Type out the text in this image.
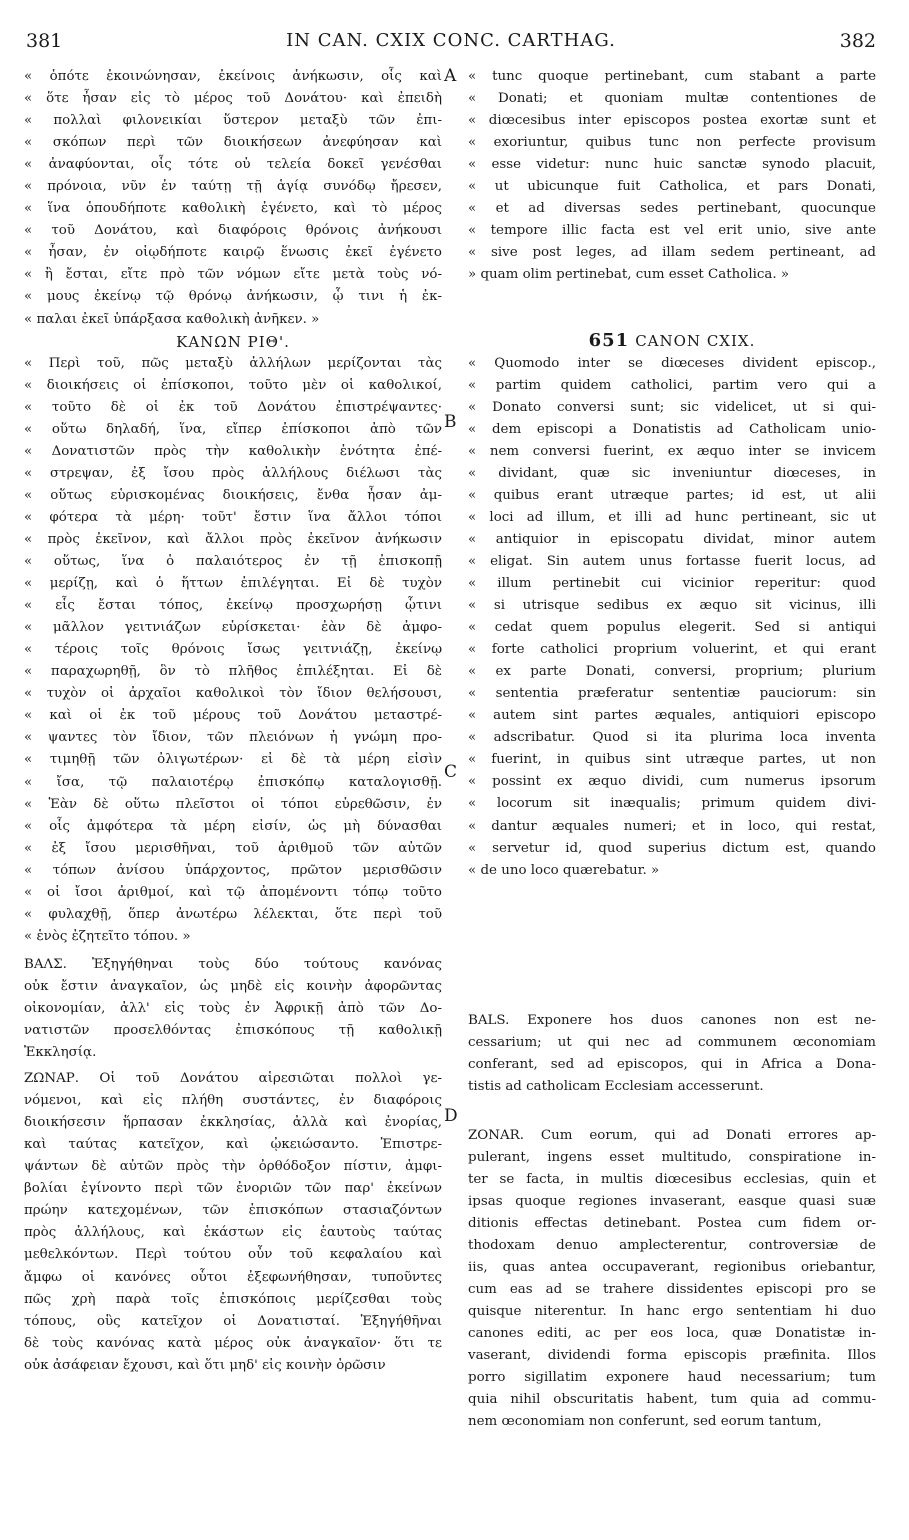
381	IN CAN. CXIX CONC. CARTHAG.	382
A
B
C
D
« ὁπότε ἐκοινώνησαν, ἐκείνοις ἀνήκωσιν, οἷς καὶ
« ὅτε ἦσαν εἰς τὸ μέρος τοῦ Δονάτου· καὶ ἐπειδὴ
« πολλαὶ φιλονεικίαι ὕστερον μεταξὺ τῶν ἐπι-
« σκόπων περὶ τῶν διοικήσεων ἀνεφύησαν καὶ
« ἀναφύονται, οἷς τότε οὐ τελεία δοκεῖ γενέσθαι
« πρόνοια, νῦν ἐν ταύτῃ τῇ ἁγίᾳ συνόδῳ ἤρεσεν,
« ἵνα ὁπουδήποτε καθολικὴ ἐγένετο, καὶ τὸ μέρος
« τοῦ Δονάτου, καὶ διαφόροις θρόνοις ἀνήκουσι
« ἦσαν, ἐν οἱῳδήποτε καιρῷ ἕνωσις ἐκεῖ ἐγένετο
« ἢ ἔσται, εἴτε πρὸ τῶν νόμων εἴτε μετὰ τοὺς νό-
« μους ἐκείνῳ τῷ θρόνῳ ἀνήκωσιν, ᾧ τινι ἡ ἐκ-
« παλαι ἐκεῖ ὑπάρξασα καθολικὴ ἀνῆκεν. »
ΚΑΝΩΝ ΡΙΘ'.
« Περὶ τοῦ, πῶς μεταξὺ ἀλλήλων μερίζονται τὰς
« διοικήσεις οἱ ἐπίσκοποι, τοῦτο μὲν οἱ καθολικοί,
« τοῦτο δὲ οἱ ἐκ τοῦ Δονάτου ἐπιστρέψαντες·
« οὕτω δηλαδή, ἵνα, εἴπερ ἐπίσκοποι ἀπὸ τῶν
« Δονατιστῶν πρὸς τὴν καθολικὴν ἑνότητα ἐπέ-
« στρεψαν, ἐξ ἴσου πρὸς ἀλλήλους διέλωσι τὰς
« οὕτως εὑρισκομένας διοικήσεις, ἔνθα ἦσαν ἀμ-
« φότερα τὰ μέρη· τοῦτ' ἔστιν ἵνα ἄλλοι τόποι
« πρὸς ἐκεῖνον, καὶ ἄλλοι πρὸς ἐκεῖνον ἀνήκωσιν
« οὕτως, ἵνα ὁ παλαιότερος ἐν τῇ ἐπισκοπῇ
« μερίζῃ, καὶ ὁ ἥττων ἐπιλέγηται. Εἰ δὲ τυχὸν
« εἷς ἔσται τόπος, ἐκείνῳ προσχωρήσῃ ᾧτινι
« μᾶλλον γειτνιάζων εὑρίσκεται· ἐὰν δὲ ἀμφο-
« τέροις τοῖς θρόνοις ἴσως γειτνιάζῃ, ἐκείνῳ
« παραχωρηθῇ, ὃν τὸ πλῆθος ἐπιλέξηται. Εἰ δὲ
« τυχὸν οἱ ἀρχαῖοι καθολικοὶ τὸν ἴδιον θελήσουσι,
« καὶ οἱ ἐκ τοῦ μέρους τοῦ Δονάτου μεταστρέ-
« ψαντες τὸν ἴδιον, τῶν πλειόνων ἡ γνώμη προ-
« τιμηθῇ τῶν ὀλιγωτέρων· εἰ δὲ τὰ μέρη εἰσὶν
« ἴσα, τῷ παλαιοτέρῳ ἐπισκόπῳ καταλογισθῇ.
« Ἐὰν δὲ οὕτω πλεῖστοι οἱ τόποι εὑρεθῶσιν, ἐν
« οἷς ἀμφότερα τὰ μέρη εἰσίν, ὡς μὴ δύνασθαι
« ἐξ ἴσου μερισθῆναι, τοῦ ἀριθμοῦ τῶν αὐτῶν
« τόπων ἀνίσου ὑπάρχοντος, πρῶτον μερισθῶσιν
« οἱ ἴσοι ἀριθμοί, καὶ τῷ ἀπομένοντι τόπῳ τοῦτο
« φυλαχθῇ, ὅπερ ἀνωτέρω λέλεκται, ὅτε περὶ τοῦ
« ἑνὸς ἐζητεῖτο τόπου. »
ΒΑΛΣ. Ἐξηγήθηναι τοὺς δύο τούτους κανόνας
οὐκ ἔστιν ἀναγκαῖον, ὡς μηδὲ εἰς κοινὴν ἀφορῶντας
οἰκονομίαν, ἀλλ' εἰς τοὺς ἐν Ἀφρικῇ ἀπὸ τῶν Δο-
νατιστῶν προσελθόντας ἐπισκόπους τῇ καθολικῇ
Ἐκκλησίᾳ.
ΖΩΝΑΡ. Οἱ τοῦ Δονάτου αἱρεσιῶται πολλοὶ γε-
νόμενοι, καὶ εἰς πλήθη συστάντες, ἐν διαφόροις
διοικήσεσιν ἥρπασαν ἐκκλησίας, ἀλλὰ καὶ ἐνορίας,
καὶ ταύτας κατεῖχον, καὶ ᾠκειώσαντο. Ἐπιστρε-
ψάντων δὲ αὐτῶν πρὸς τὴν ὀρθόδοξον πίστιν, ἀμφι-
βολίαι ἐγίνοντο περὶ τῶν ἐνοριῶν τῶν παρ' ἐκείνων
πρώην κατεχομένων, τῶν ἐπισκόπων στασιαζόντων
πρὸς ἀλλήλους, καὶ ἑκάστων εἰς ἑαυτοὺς ταύτας
μεθελκόντων. Περὶ τούτου οὖν τοῦ κεφαλαίου καὶ
ἄμφω οἱ κανόνες οὗτοι ἐξεφωνήθησαν, τυποῦντες
πῶς χρὴ παρὰ τοῖς ἐπισκόποις μερίζεσθαι τοὺς
τόπους, οὓς κατεῖχον οἱ Δονατισταί. Ἐξηγήθῆναι
δὲ τοὺς κανόνας κατὰ μέρος οὐκ ἀναγκαῖον· ὅτι τε
οὐκ ἀσάφειαν ἔχουσι, καὶ ὅτι μηδ' εἰς κοινὴν ὁρῶσιν
« tunc quoque pertinebant, cum stabant a parte
« Donati; et quoniam multæ contentiones de
« diœcesibus inter episcopos postea exortæ sunt et
« exoriuntur, quibus tunc non perfecte provisum
« esse videtur: nunc huic sanctæ synodo placuit,
« ut ubicunque fuit Catholica, et pars Donati,
« et ad diversas sedes pertinebant, quocunque
« tempore illic facta est vel erit unio, sive ante
« sive post leges, ad illam sedem pertineant, ad
» quam olim pertinebat, cum esset Catholica. »
651 CANON CXIX.
« Quomodo inter se diœceses divident episcop.,
« partim quidem catholici, partim vero qui a
« Donato conversi sunt; sic videlicet, ut si qui-
« dem episcopi a Donatistis ad Catholicam unio-
« nem conversi fuerint, ex æquo inter se invicem
« dividant, quæ sic inveniuntur diœceses, in
« quibus erant utræque partes; id est, ut alii
« loci ad illum, et illi ad hunc pertineant, sic ut
« antiquior in episcopatu dividat, minor autem
« eligat. Sin autem unus fortasse fuerit locus, ad
« illum pertinebit cui vicinior reperitur: quod
« si utrisque sedibus ex æquo sit vicinus, illi
« cedat quem populus elegerit. Sed si antiqui
« forte catholici proprium voluerint, et qui erant
« ex parte Donati, conversi, proprium; plurium
« sententia præferatur sententiæ pauciorum: sin
« autem sint partes æquales, antiquiori episcopo
« adscribatur. Quod si ita plurima loca inventa
« fuerint, in quibus sint utræque partes, ut non
« possint ex æquo dividi, cum numerus ipsorum
« locorum sit inæqualis; primum quidem divi-
« dantur æquales numeri; et in loco, qui restat,
« servetur id, quod superius dictum est, quando
« de uno loco quærebatur. »
BALS. Exponere hos duos canones non est ne-
cessarium; ut qui nec ad communem œconomiam
conferant, sed ad episcopos, qui in Africa a Dona-
tistis ad catholicam Ecclesiam accesserunt.
ZONAR. Cum eorum, qui ad Donati errores ap-
pulerant, ingens esset multitudo, conspiratione in-
ter se facta, in multis diœcesibus ecclesias, quin et
ipsas quoque regiones invaserant, easque quasi suæ
ditionis effectas detinebant. Postea cum fidem or-
thodoxam denuo amplecterentur, controversiæ de
iis, quas antea occupaverant, regionibus oriebantur,
cum eas ad se trahere dissidentes episcopi pro se
quisque niterentur. In hanc ergo sententiam hi duo
canones editi, ac per eos loca, quæ Donatistæ in-
vaserant, dividendi forma episcopis præfinita. Illos
porro sigillatim exponere haud necessarium; tum
quia nihil obscuritatis habent, tum quia ad commu-
nem œconomiam non conferunt, sed eorum tantum,
